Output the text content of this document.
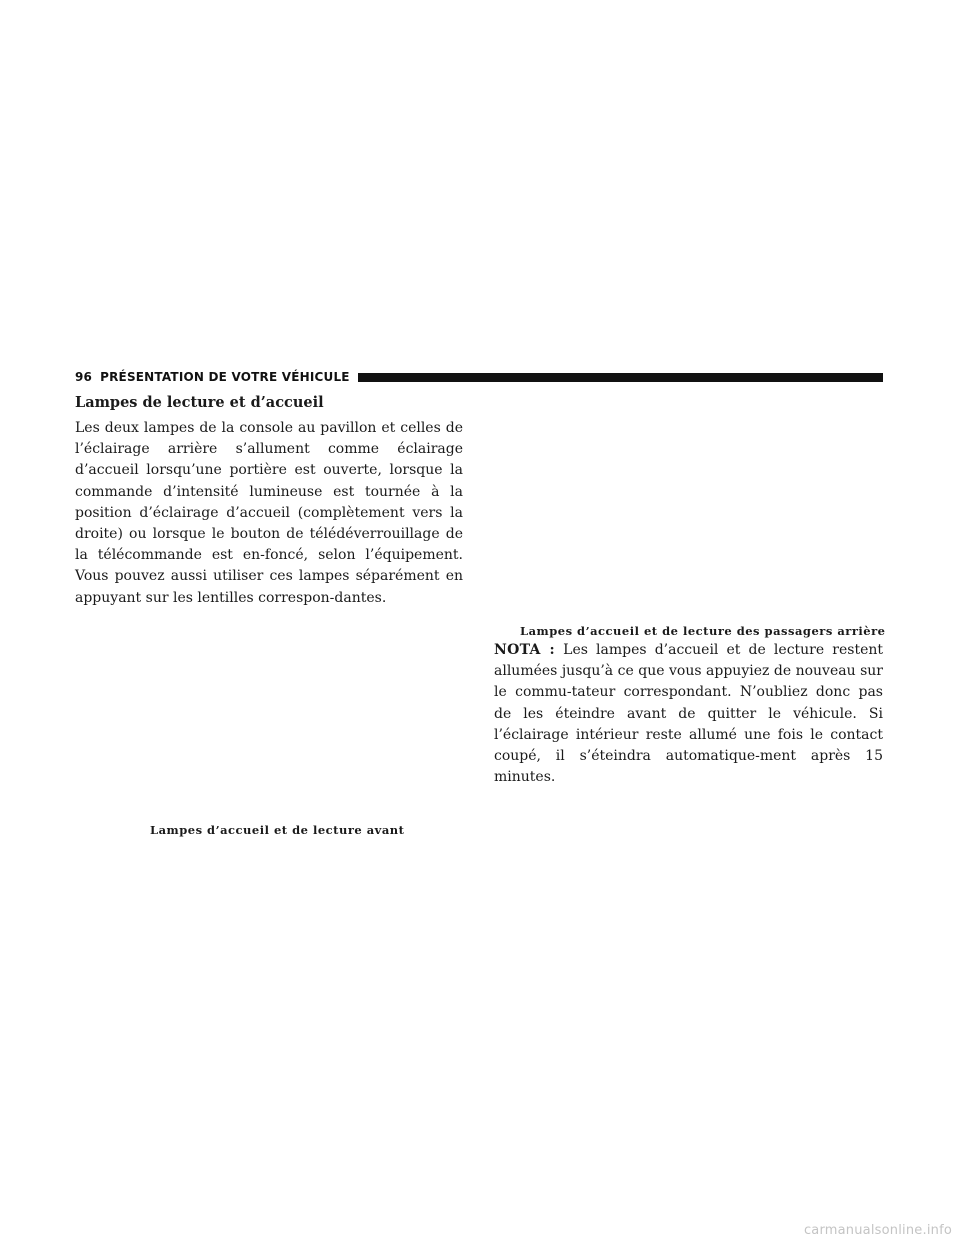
96 PRÉSENTATION DE VOTRE VÉHICULE
Lampes de lecture et d’accueil

Les deux lampes de la console au pavillon et celles de l’éclairage arrière s’allument comme éclairage d’accueil lorsqu’une portière est ouverte, lorsque la commande d’intensité lumineuse est tournée à la position d’éclairage d’accueil (complètement vers la droite) ou lorsque le bouton de télédéverrouillage de la télécommande est en-foncé, selon l’équipement. Vous pouvez aussi utiliser ces lampes séparément en appuyant sur les lentilles correspon-dantes.

Lampes d’accueil et de lecture des passagers arrière

NOTA : Les lampes d’accueil et de lecture restent allumées jusqu’à ce que vous appuyiez de nouveau sur le commu-tateur correspondant. N’oubliez donc pas de les éteindre avant de quitter le véhicule. Si l’éclairage intérieur reste allumé une fois le contact coupé, il s’éteindra automatique-ment après 15 minutes.

Lampes d’accueil et de lecture avant
carmanualsonline.info
